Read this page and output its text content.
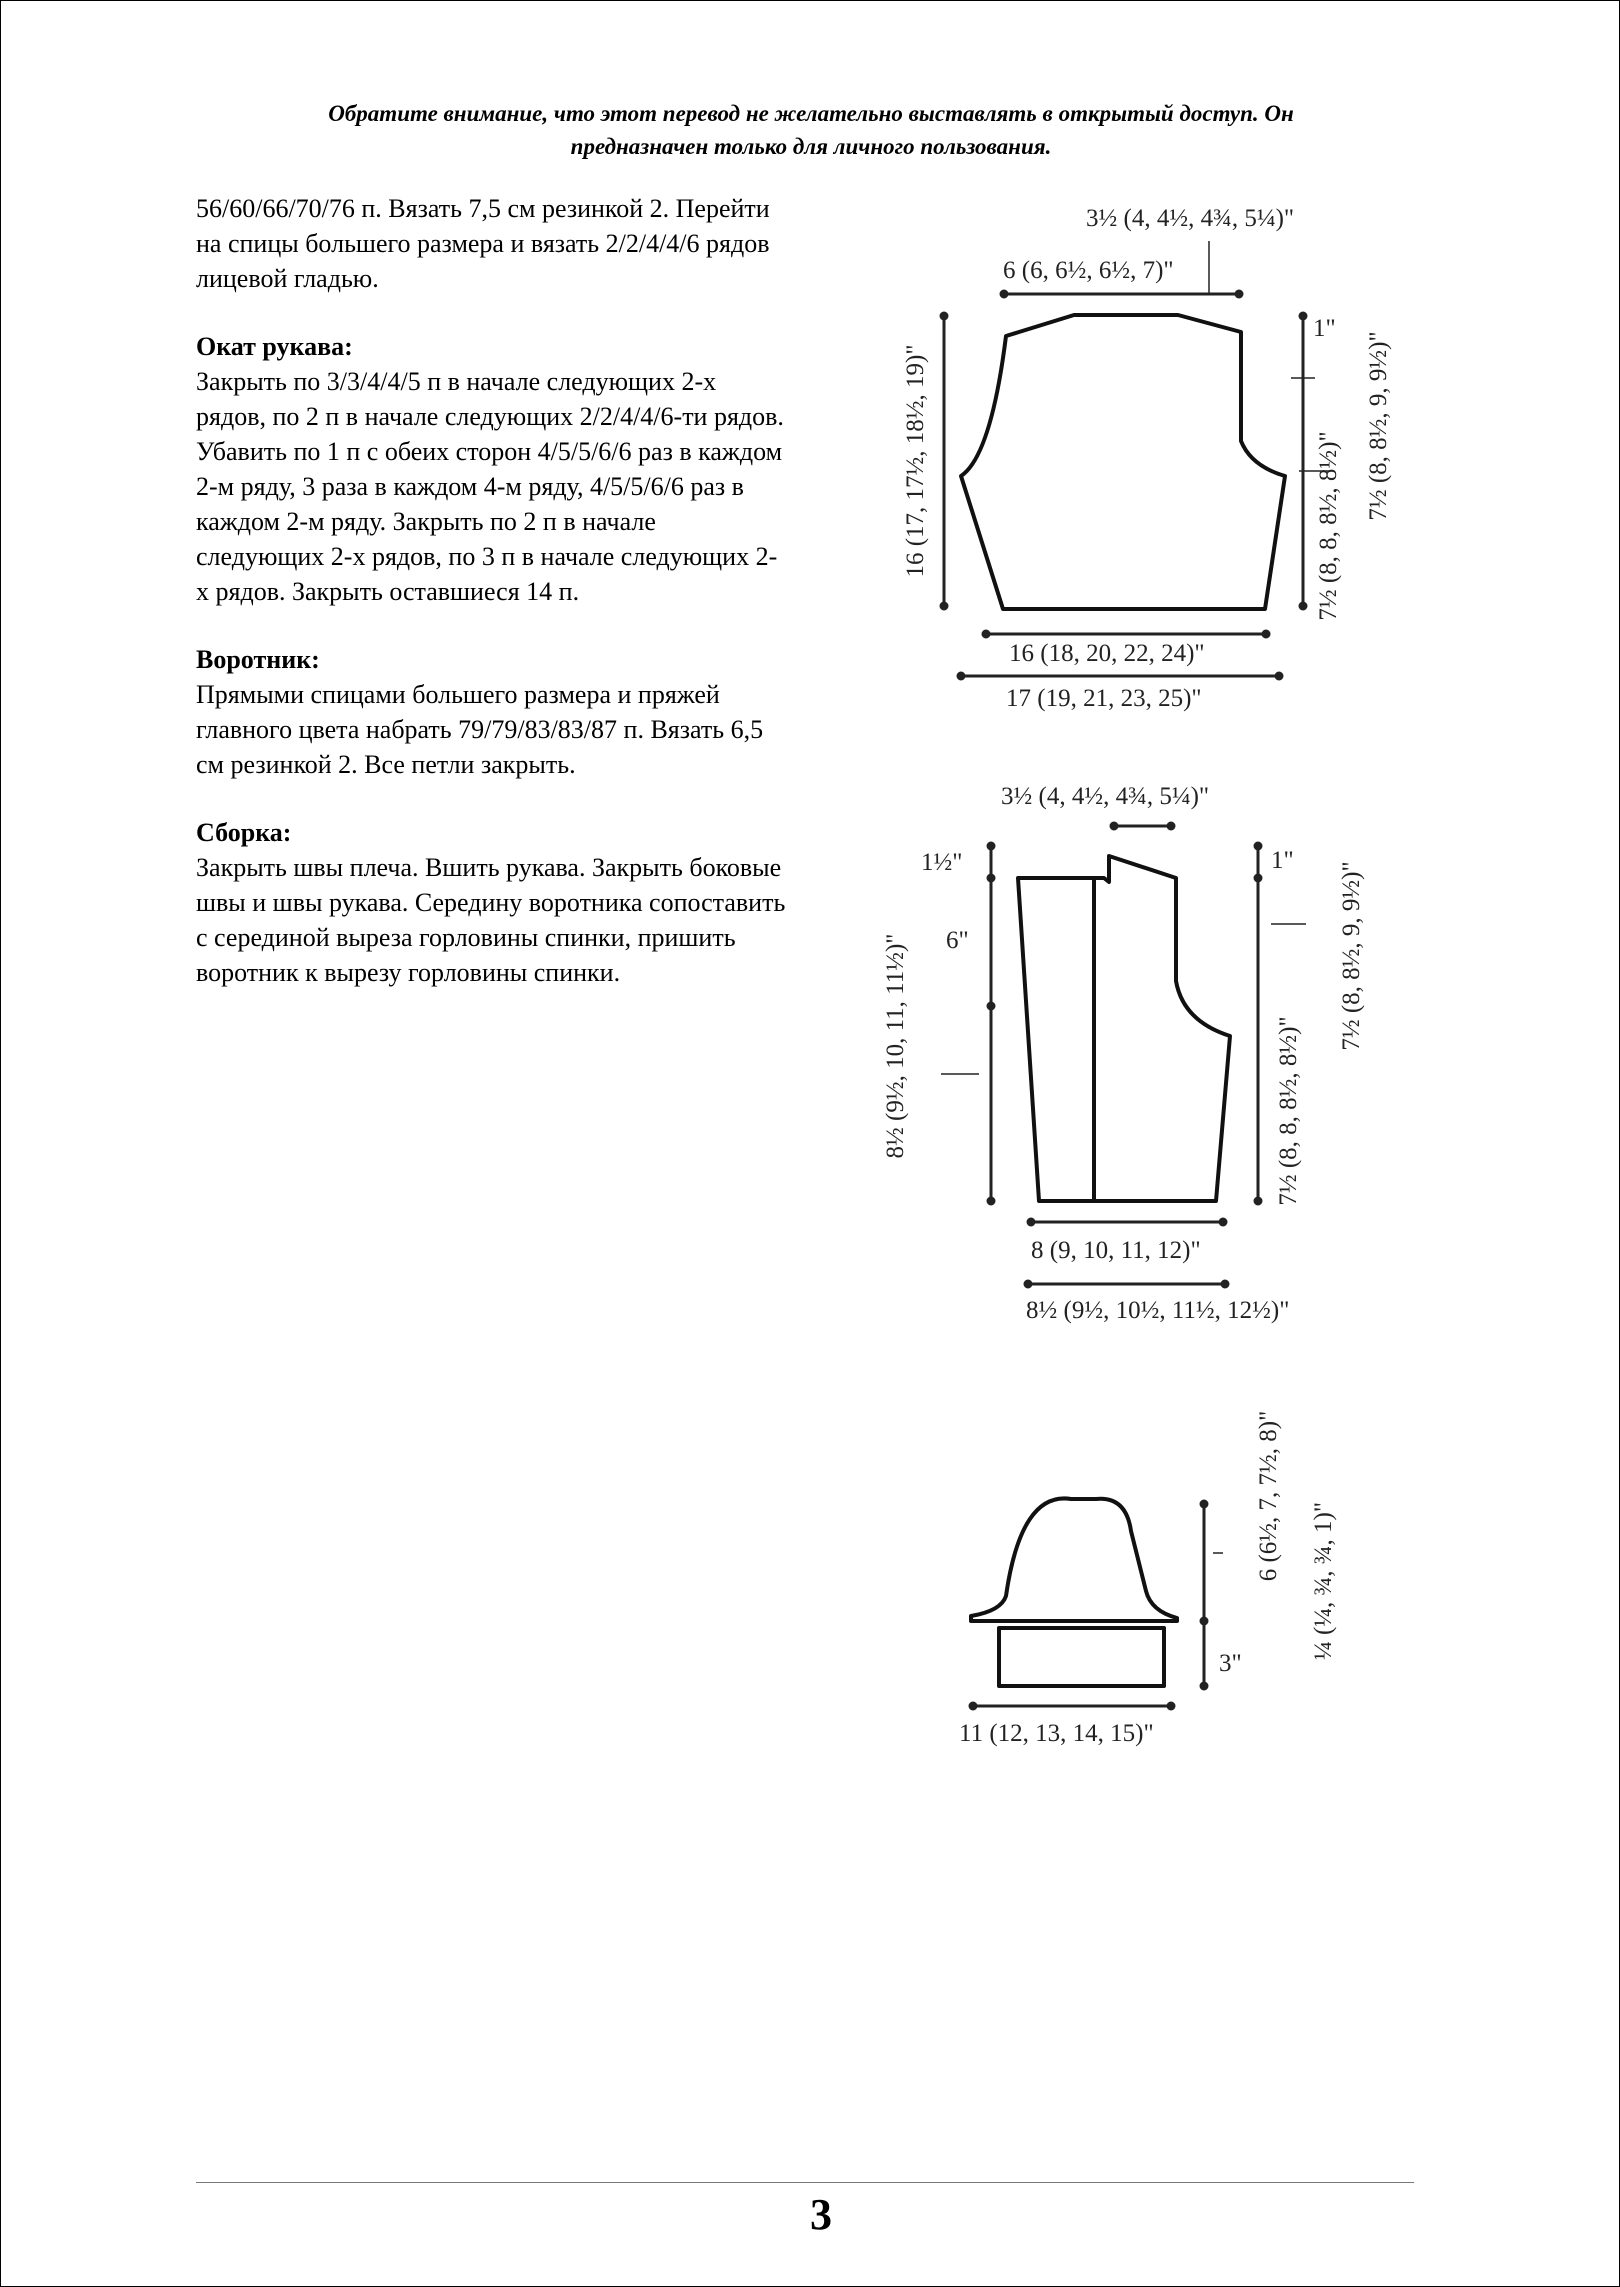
Обратите внимание, что этот перевод не желательно выставлять в открытый доступ. Он
предназначен только для личного пользования.

56/60/66/70/76 п. Вязать 7,5 см резинкой 2. Перейти на спицы большего размера и вязать 2/2/4/4/6 рядов лицевой гладью.

Окат рукава:

Закрыть по 3/3/4/4/5 п в начале следующих 2-х рядов, по 2 п в начале следующих 2/2/4/4/6-ти рядов. Убавить по 1 п с обеих сторон 4/5/5/6/6 раз в каждом 2-м ряду, 3 раза в каждом 4-м ряду, 4/5/5/6/6 раз в каждом 2-м ряду. Закрыть по 2 п в начале следующих 2-х рядов, по 3 п в начале следующих 2-х рядов. Закрыть оставшиеся 14 п.

Воротник:

Прямыми спицами большего размера и пряжей главного цвета набрать 79/79/83/83/87 п. Вязать 6,5 см резинкой 2. Все петли закрыть.

Сборка:

Закрыть швы плеча. Вшить рукава. Закрыть боковые швы и швы рукава. Середину воротника сопоставить с серединой выреза горловины спинки, пришить воротник к вырезу горловины спинки.

3½ (4, 4½, 4¾, 5¼)"
6 (6, 6½, 6½, 7)"
16 (17, 17½, 18½, 19)"
1"
7½ (8, 8½, 9, 9½)"
7½ (8, 8, 8½, 8½)"
16 (18, 20, 22, 24)"
17 (19, 21, 23, 25)"
3½ (4, 4½, 4¾, 5¼)"
1½"
6"
8½ (9½, 10, 11, 11½)"
1"
7½ (8, 8½, 9, 9½)"
7½ (8, 8, 8½, 8½)"
8 (9, 10, 11, 12)"
8½ (9½, 10½, 11½, 12½)"
6 (6½, 7, 7½, 8)" ¼ (¼, ¾, ¾, 1)"
3"
11 (12, 13, 14, 15)"
3
